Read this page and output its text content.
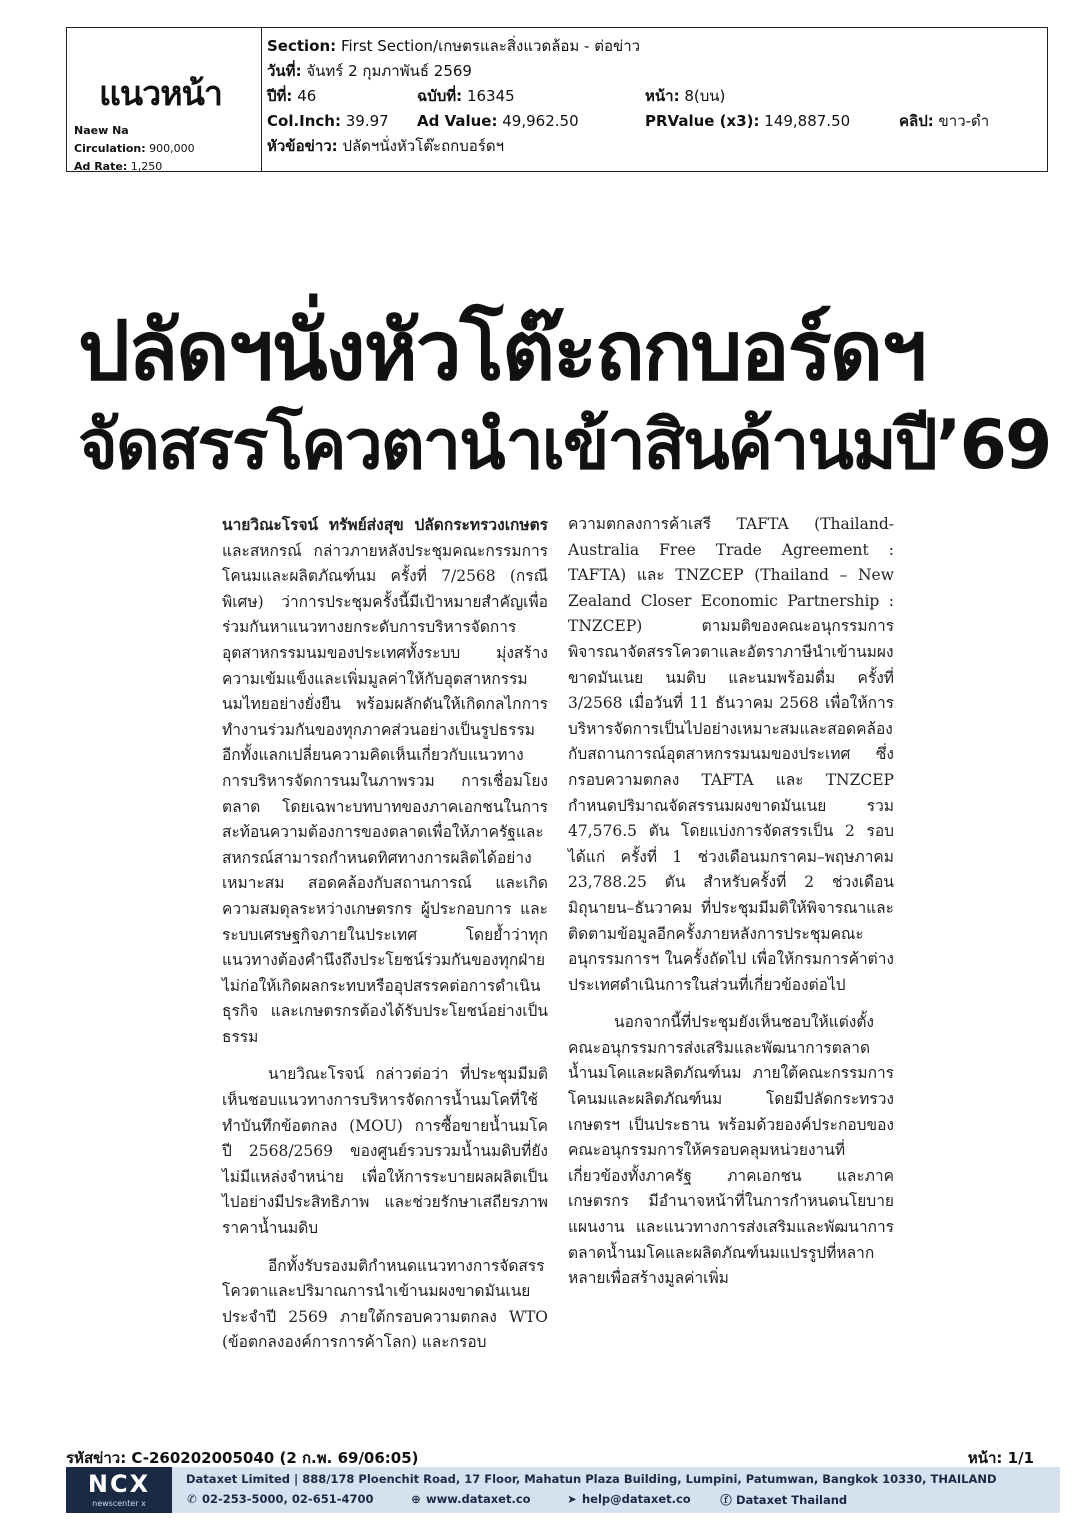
แนวหน้า
Naew Na
Circulation: 900,000
Ad Rate: 1,250
Section: First Section/เกษตรและสิ่งแวดล้อม - ต่อข่าว
วันที่: จันทร์ 2 กุมภาพันธ์ 2569
ปีที่: 46	ฉบับที่: 16345	หน้า: 8(บน)
Col.Inch: 39.97 Ad Value: 49,962.50	PRValue (x3): 149,887.50	คลิป: ขาว-ดำ
หัวข้อข่าว: ปลัดฯนั่งหัวโต๊ะถกบอร์ดฯ
ปลัดฯนั่งหัวโต๊ะถกบอร์ดฯ
จัดสรรโควตานำเข้าสินค้านมปี’69

นายวิณะโรจน์ ทรัพย์ส่งสุข ปลัดกระทรวงเกษตร และสหกรณ์ กล่าวภายหลังประชุมคณะกรรมการโคนมและผลิตภัณฑ์นม ครั้งที่ 7/2568 (กรณีพิเศษ) ว่าการประชุมครั้งนี้มีเป้าหมายสำคัญเพื่อร่วมกันหาแนวทางยกระดับการบริหารจัดการอุตสาหกรรมนมของประเทศทั้งระบบ มุ่งสร้างความเข้มแข็งและเพิ่มมูลค่าให้กับอุตสาหกรรมนมไทยอย่างยั่งยืน พร้อมผลักดันให้เกิดกลไกการทำงานร่วมกันของทุกภาคส่วนอย่างเป็นรูปธรรม อีกทั้งแลกเปลี่ยนความคิดเห็นเกี่ยวกับแนวทางการบริหารจัดการนมในภาพรวม การเชื่อมโยงตลาด โดยเฉพาะบทบาทของภาคเอกชนในการสะท้อนความต้องการของตลาดเพื่อให้ภาครัฐและสหกรณ์สามารถกำหนดทิศทางการผลิตได้อย่างเหมาะสม สอดคล้องกับสถานการณ์ และเกิดความสมดุลระหว่างเกษตรกร ผู้ประกอบการ และระบบเศรษฐกิจภายในประเทศ โดยย้ำว่าทุกแนวทางต้องคำนึงถึงประโยชน์ร่วมกันของทุกฝ่าย ไม่ก่อให้เกิดผลกระทบหรืออุปสรรคต่อการดำเนินธุรกิจ และเกษตรกรต้องได้รับประโยชน์อย่างเป็นธรรม

นายวิณะโรจน์ กล่าวต่อว่า ที่ประชุมมีมติเห็นชอบแนวทางการบริหารจัดการน้ำนมโคที่ใช้ทำบันทึกข้อตกลง (MOU) การซื้อขายน้ำนมโค ปี 2568/2569 ของศูนย์รวบรวมน้ำนมดิบที่ยังไม่มีแหล่งจำหน่าย เพื่อให้การระบายผลผลิตเป็นไปอย่างมีประสิทธิภาพ และช่วยรักษาเสถียรภาพราคาน้ำนมดิบ

อีกทั้งรับรองมติกำหนดแนวทางการจัดสรรโควตาและปริมาณการนำเข้านมผงขาดมันเนย ประจำปี 2569 ภายใต้กรอบความตกลง WTO (ข้อตกลงองค์การการค้าโลก) และกรอบ

ความตกลงการค้าเสรี TAFTA (Thailand-Australia Free Trade Agreement : TAFTA) และ TNZCEP (Thailand – New Zealand Closer Economic Partnership : TNZCEP) ตามมติของคณะอนุกรรมการพิจารณาจัดสรรโควตาและอัตราภาษีนำเข้านมผงขาดมันเนย นมดิบ และนมพร้อมดื่ม ครั้งที่ 3/2568 เมื่อวันที่ 11 ธันวาคม 2568 เพื่อให้การบริหารจัดการเป็นไปอย่างเหมาะสมและสอดคล้องกับสถานการณ์อุตสาหกรรมนมของประเทศ ซึ่งกรอบความตกลง TAFTA และ TNZCEP กำหนดปริมาณจัดสรรนมผงขาดมันเนย รวม 47,576.5 ตัน โดยแบ่งการจัดสรรเป็น 2 รอบ ได้แก่ ครั้งที่ 1 ช่วงเดือนมกราคม–พฤษภาคม 23,788.25 ตัน สำหรับครั้งที่ 2 ช่วงเดือนมิถุนายน–ธันวาคม ที่ประชุมมีมติให้พิจารณาและติดตามข้อมูลอีกครั้งภายหลังการประชุมคณะอนุกรรมการฯ ในครั้งถัดไป เพื่อให้กรมการค้าต่างประเทศดำเนินการในส่วนที่เกี่ยวข้องต่อไป

นอกจากนี้ที่ประชุมยังเห็นชอบให้แต่งตั้งคณะอนุกรรมการส่งเสริมและพัฒนาการตลาดน้ำนมโคและผลิตภัณฑ์นม ภายใต้คณะกรรมการโคนมและผลิตภัณฑ์นม โดยมีปลัดกระทรวงเกษตรฯ เป็นประธาน พร้อมด้วยองค์ประกอบของคณะอนุกรรมการให้ครอบคลุมหน่วยงานที่เกี่ยวข้องทั้งภาครัฐ ภาคเอกชน และภาคเกษตรกร มีอำนาจหน้าที่ในการกำหนดนโยบาย แผนงาน และแนวทางการส่งเสริมและพัฒนาการตลาดน้ำนมโคและผลิตภัณฑ์นมแปรรูปที่หลากหลายเพื่อสร้างมูลค่าเพิ่ม

รหัสข่าว: C-260202005040 (2 ก.พ. 69/06:05)	หน้า: 1/1
NCX
newscenter x
Dataxet Limited | 888/178 Ploenchit Road, 17 Floor, Mahatun Plaza Building, Lumpini, Patumwan, Bangkok 10330, THAILAND
✆ 02-253-5000, 02-651-4700	⊕ www.dataxet.co	➤ help@dataxet.co	ⓕ Dataxet Thailand
